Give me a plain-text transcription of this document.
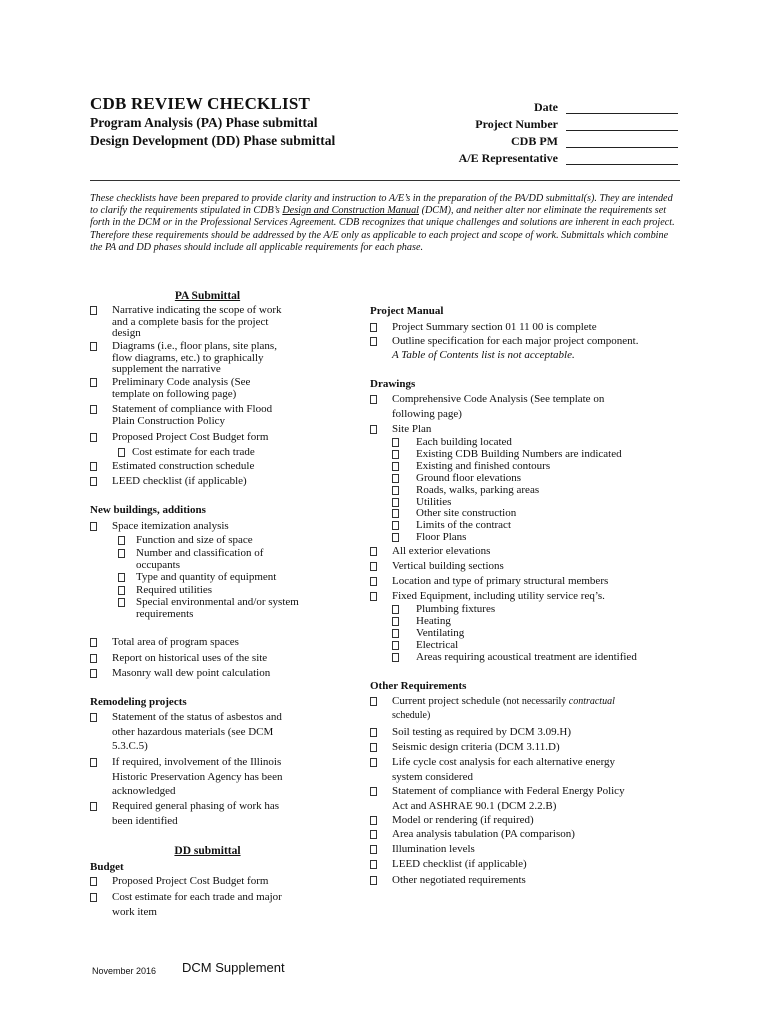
CDB REVIEW CHECKLIST
Program Analysis (PA) Phase submittal
Design Development (DD) Phase submittal
Date
Project Number
CDB PM
A/E Representative
These checklists have been prepared to provide clarity and instruction to A/E’s in the preparation of the PA/DD submittal(s). They are intended to clarify the requirements stipulated in CDB’s Design and Construction Manual (DCM), and neither alter nor eliminate the requirements set forth in the DCM or in the Professional Services Agreement. CDB recognizes that unique challenges and solutions are inherent in each project. Therefore these requirements should be addressed by the A/E only as applicable to each project and scope of work. Submittals which combine the PA and DD phases should include all applicable requirements for each phase.
PA Submittal
Narrative indicating the scope of work
and a complete basis for the project
design
Diagrams (i.e., floor plans, site plans,
flow diagrams, etc.) to graphically
supplement the narrative
Preliminary Code analysis (See
template on following page)
Statement of compliance with Flood
Plain Construction Policy
Proposed Project Cost Budget form
Cost estimate for each trade
Estimated construction schedule
LEED checklist (if applicable)
New buildings, additions
Space itemization analysis
Function and size of space
Number and classification of
occupants
Type and quantity of equipment
Required utilities
Special environmental and/or system
requirements
Total area of program spaces
Report on historical uses of the site
Masonry wall dew point calculation
Remodeling projects
Statement of the status of asbestos and
other hazardous materials (see DCM
5.3.C.5)
If required, involvement of the Illinois
Historic Preservation Agency has been
acknowledged
Required general phasing of work has
been identified
DD submittal
Budget
Proposed Project Cost Budget form
Cost estimate for each trade and major
work item
Project Manual
Project Summary section 01 11 00 is complete
Outline specification for each major project component.
A Table of Contents list is not acceptable.
Drawings
Comprehensive Code Analysis (See template on
following page)
Site Plan
Each building located
Existing CDB Building Numbers are indicated
Existing and finished contours
Ground floor elevations
Roads, walks, parking areas
Utilities
Other site construction
Limits of the contract
Floor Plans
All exterior elevations
Vertical building sections
Location and type of primary structural members
Fixed Equipment, including utility service req’s.
Plumbing fixtures
Heating
Ventilating
Electrical
Areas requiring acoustical treatment are identified
Other Requirements
Current project schedule (not necessarily contractual
schedule)
Soil testing as required by DCM 3.09.H)
Seismic design criteria (DCM 3.11.D)
Life cycle cost analysis for each alternative energy
system considered
Statement of compliance with Federal Energy Policy
Act and ASHRAE 90.1 (DCM 2.2.B)
Model or rendering (if required)
Area analysis tabulation (PA comparison)
Illumination levels
LEED checklist (if applicable)
Other negotiated requirements
November 2016 DCM Supplement
